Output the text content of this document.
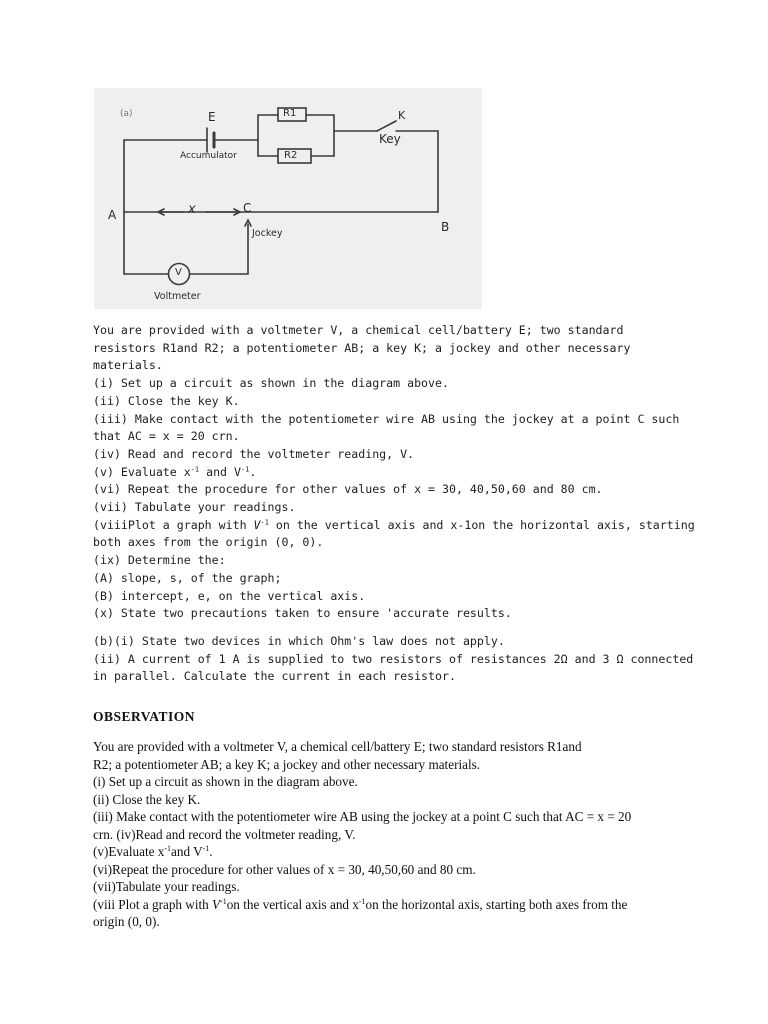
(a)	E	R1
R2
K
Key
Accumulator
A	x	C
B
Jockey
V
Voltmeter
You are provided with a voltmeter V, a chemical cell/battery E; two standard
resistors R1and R2; a potentiometer AB; a key K; a jockey and other necessary
materials.
(i) Set up a circuit as shown in the diagram above.
(ii) Close the key K.
(iii) Make contact with the potentiometer wire AB using the jockey at a point C such
that AC = x = 20 crn.
(iv) Read and record the voltmeter reading, V.
(v) Evaluate $x^{-1}$ and $V^{-1}$.
(vi) Repeat the procedure for other values of x = 30, 40,50,60 and 80 cm.
(vii) Tabulate your readings.
(viiiPlot a graph with $V^{-1}$ on the vertical axis and x-1on the horizontal axis, starting
both axes from the origin (0, 0).
(ix) Determine the:
(A) slope, s, of the graph;
(B) intercept, e, on the vertical axis.
(x) State two precautions taken to ensure 'accurate results.
(b)(i) State two devices in which Ohm's law does not apply.
(ii) A current of 1 A is supplied to two resistors of resistances 2Ω and 3 Ω connected
in parallel. Calculate the current in each resistor.
OBSERVATION
You are provided with a voltmeter V, a chemical cell/battery E; two standard resistors R1and
R2; a potentiometer AB; a key K; a jockey and other necessary materials.
(i) Set up a circuit as shown in the diagram above.
(ii) Close the key K.
(iii) Make contact with the potentiometer wire AB using the jockey at a point C such that AC = x = 20
crn. (iv)Read and record the voltmeter reading, V.
(v)Evaluate $x^{-1}and$ $V^{-1}$.
(vi)Repeat the procedure for other values of x = 30, 40,50,60 and 80 cm.
(vii)Tabulate your readings.
(viii Plot a graph with $V^{-1}on$ the vertical axis and $x^{-1}on$ the horizontal axis, starting both axes from the
origin (0, 0).
